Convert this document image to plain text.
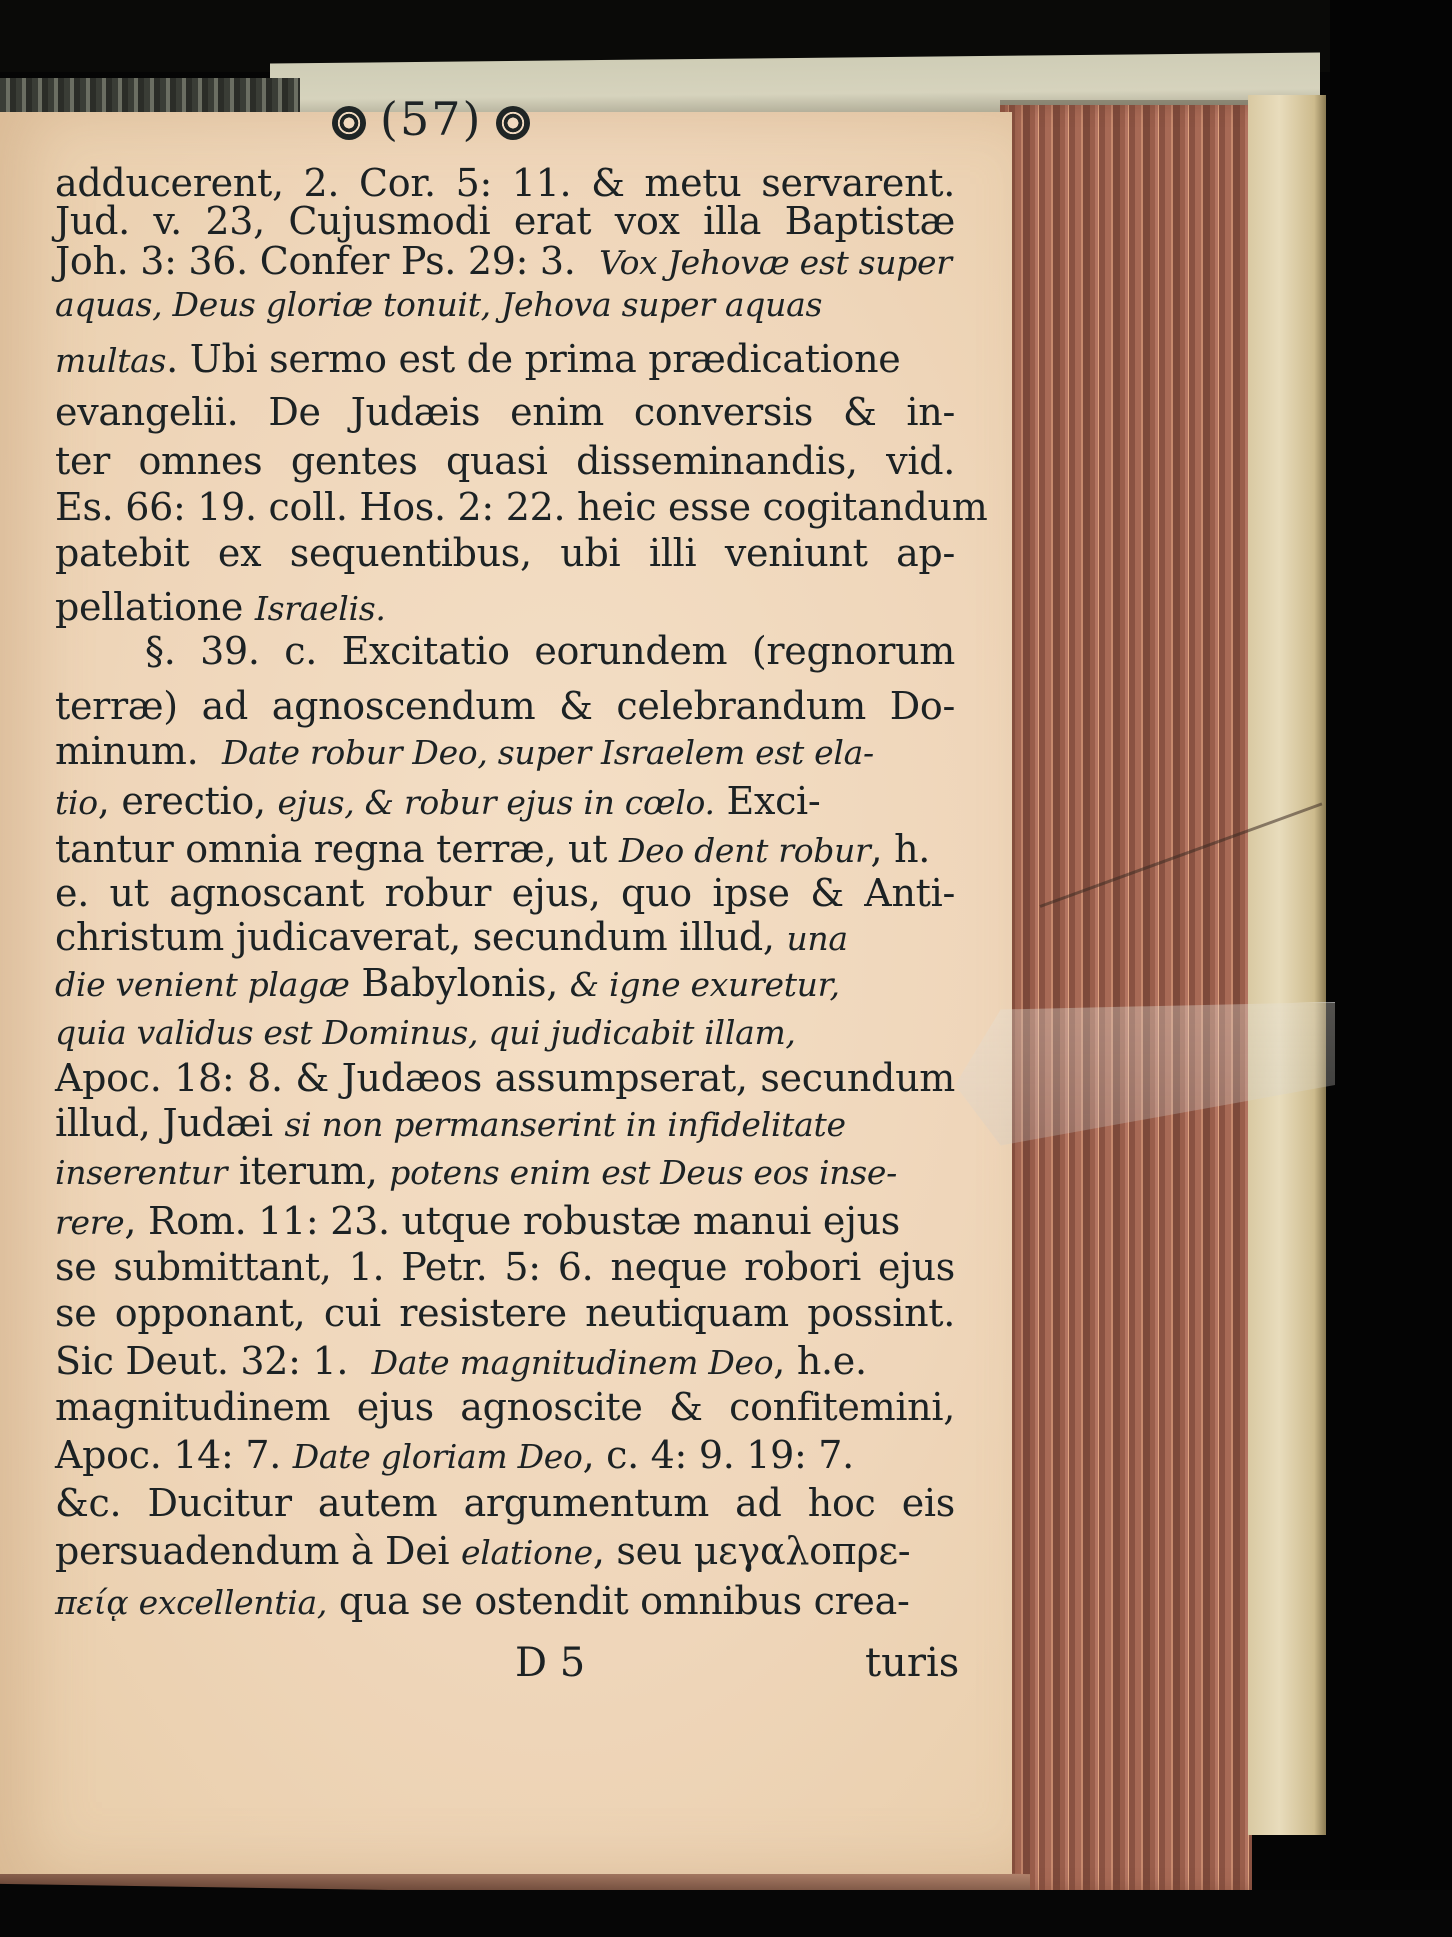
(57)
adducerent, 2. Cor. 5: 11. & metu servarent.
Jud. v. 23, Cujusmodi erat vox illa Baptistæ
Joh. 3: 36. Confer Ps. 29: 3. Vox Jehovæ est super
aquas, Deus gloriæ tonuit, Jehova super aquas
multas. Ubi sermo est de prima prædicatione
evangelii. De Judæis enim conversis & in-
ter omnes gentes quasi disseminandis, vid.
Es. 66: 19. coll. Hos. 2: 22. heic esse cogitandum
patebit ex sequentibus, ubi illi veniunt ap-
pellatione Israelis.
§. 39. c. Excitatio eorundem (regnorum
terræ) ad agnoscendum & celebrandum Do-
minum. Date robur Deo, super Israelem est ela-
tio, erectio, ejus, & robur ejus in cœlo. Exci-
tantur omnia regna terræ, ut Deo dent robur, h.
e. ut agnoscant robur ejus, quo ipse & Anti-
christum judicaverat, secundum illud, una
die venient plagæ Babylonis, & igne exuretur,
quia validus est Dominus, qui judicabit illam,
Apoc. 18: 8. & Judæos assumpserat, secundum
illud, Judæi si non permanserint in infidelitate
inserentur iterum, potens enim est Deus eos inse-
rere, Rom. 11: 23. utque robustæ manui ejus
se submittant, 1. Petr. 5: 6. neque robori ejus
se opponant, cui resistere neutiquam possint.
Sic Deut. 32: 1. Date magnitudinem Deo, h.e.
magnitudinem ejus agnoscite & confitemini,
Apoc. 14: 7. Date gloriam Deo, c. 4: 9. 19: 7.
&c. Ducitur autem argumentum ad hoc eis
persuadendum à Dei elatione, seu μεγαλοπρε-
πείᾳ excellentia, qua se ostendit omnibus crea-
D 5	turis
